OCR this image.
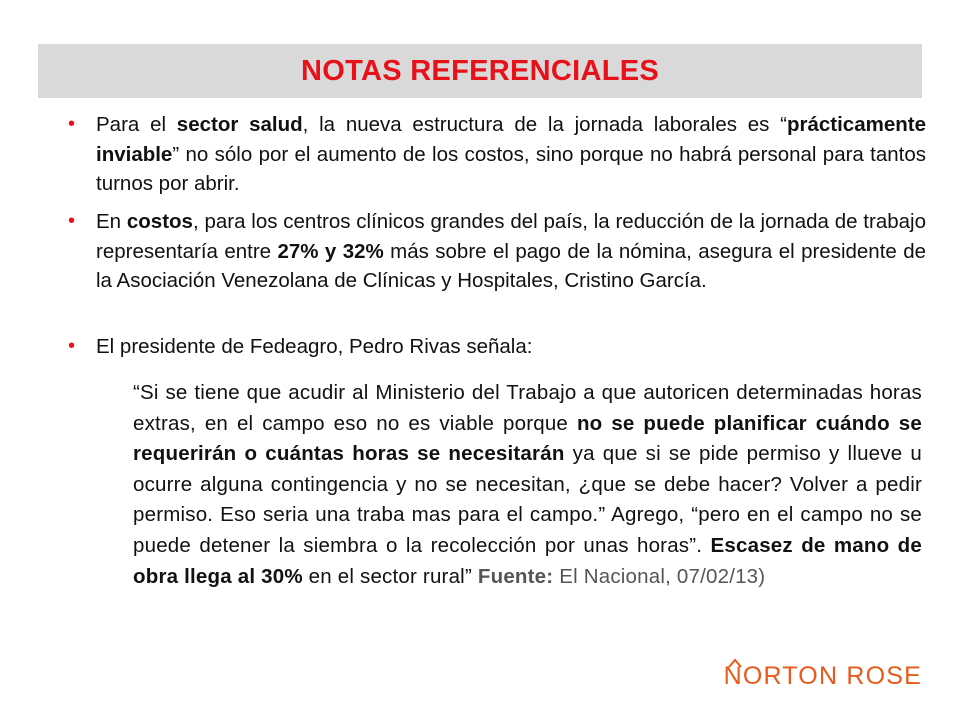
NOTAS REFERENCIALES
•	Para el sector salud, la nueva estructura de la jornada laborales es “prácticamente inviable” no sólo por el aumento de los costos, sino porque no habrá personal para tantos turnos por abrir.
•	En costos, para los centros clínicos grandes del país, la reducción de la jornada de trabajo representaría entre 27% y 32% más sobre el pago de la nómina, asegura el presidente de la Asociación Venezolana de Clínicas y Hospitales, Cristino García.
•	El presidente de Fedeagro, Pedro Rivas señala:
“Si se tiene que acudir al Ministerio del Trabajo a que autoricen determinadas horas extras, en el campo eso no es viable porque no se puede planificar cuándo se requerirán o cuántas horas se necesitarán ya que si se pide permiso y llueve u ocurre alguna contingencia y no se necesitan, ¿que se debe hacer? Volver a pedir permiso. Eso seria una traba mas para el campo.” Agrego, “pero en el campo no se puede detener la siembra o la recolección por unas horas”. Escasez de mano de obra llega al 30% en el sector rural” Fuente: El Nacional, 07/02/13)
NORTON ROSE
